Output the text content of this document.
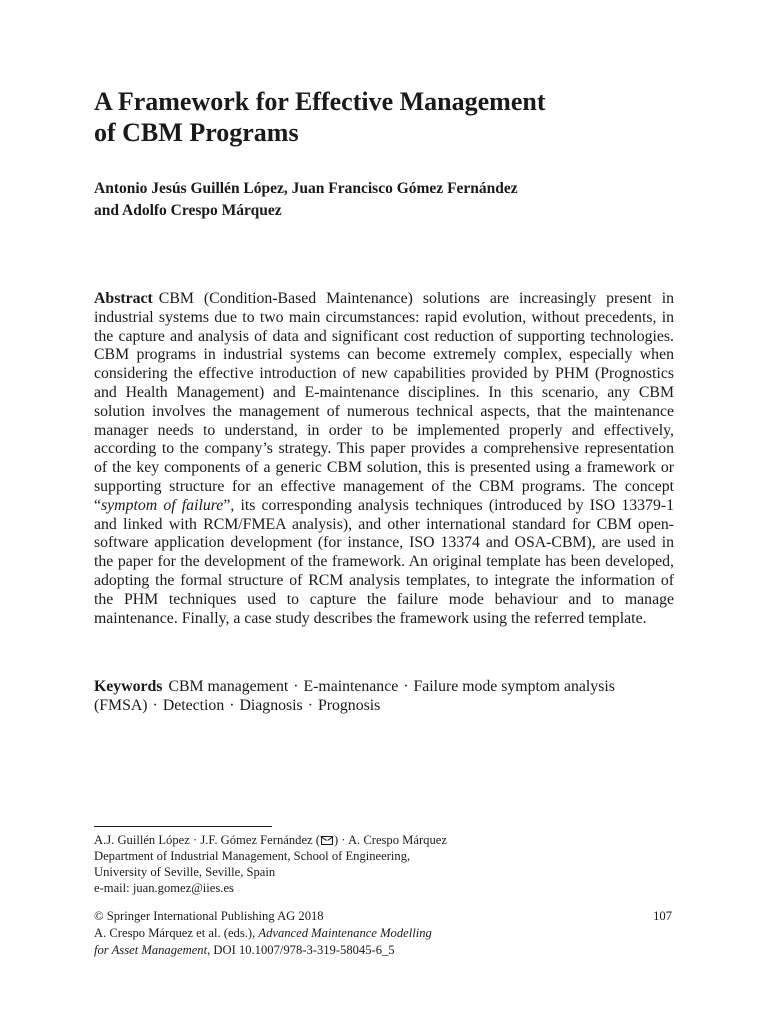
A Framework for Effective Management
of CBM Programs
Antonio Jesús Guillén López, Juan Francisco Gómez Fernández
and Adolfo Crespo Márquez

Abstract CBM (Condition-Based Maintenance) solutions are increasingly present in industrial systems due to two main circumstances: rapid evolution, without precedents, in the capture and analysis of data and significant cost reduction of supporting technologies. CBM programs in industrial systems can become extremely complex, especially when considering the effective introduction of new capabilities provided by PHM (Prognostics and Health Management) and E-maintenance disciplines. In this scenario, any CBM solution involves the management of numerous technical aspects, that the maintenance manager needs to understand, in order to be implemented properly and effectively, according to the company’s strategy. This paper provides a comprehensive representation of the key components of a generic CBM solution, this is presented using a framework or supporting structure for an effective management of the CBM programs. The concept “symptom of failure”, its corresponding analysis techniques (introduced by ISO 13379-1 and linked with RCM/FMEA analysis), and other international standard for CBM open-software application development (for instance, ISO 13374 and OSA-CBM), are used in the paper for the development of the framework. An original template has been developed, adopting the formal structure of RCM analysis templates, to integrate the information of the PHM techniques used to capture the failure mode behaviour and to manage maintenance. Finally, a case study describes the framework using the referred template.

Keywords CBM management · E-maintenance · Failure mode symptom analysis (FMSA) · Detection · Diagnosis · Prognosis

A.J. Guillén López · J.F. Gómez Fernández ( ) · A. Crespo Márquez
Department of Industrial Management, School of Engineering,
University of Seville, Seville, Spain
e-mail: juan.gomez@iies.es
© Springer International Publishing AG 2018
A. Crespo Márquez et al. (eds.), Advanced Maintenance Modelling
for Asset Management, DOI 10.1007/978-3-319-58045-6_5
107
